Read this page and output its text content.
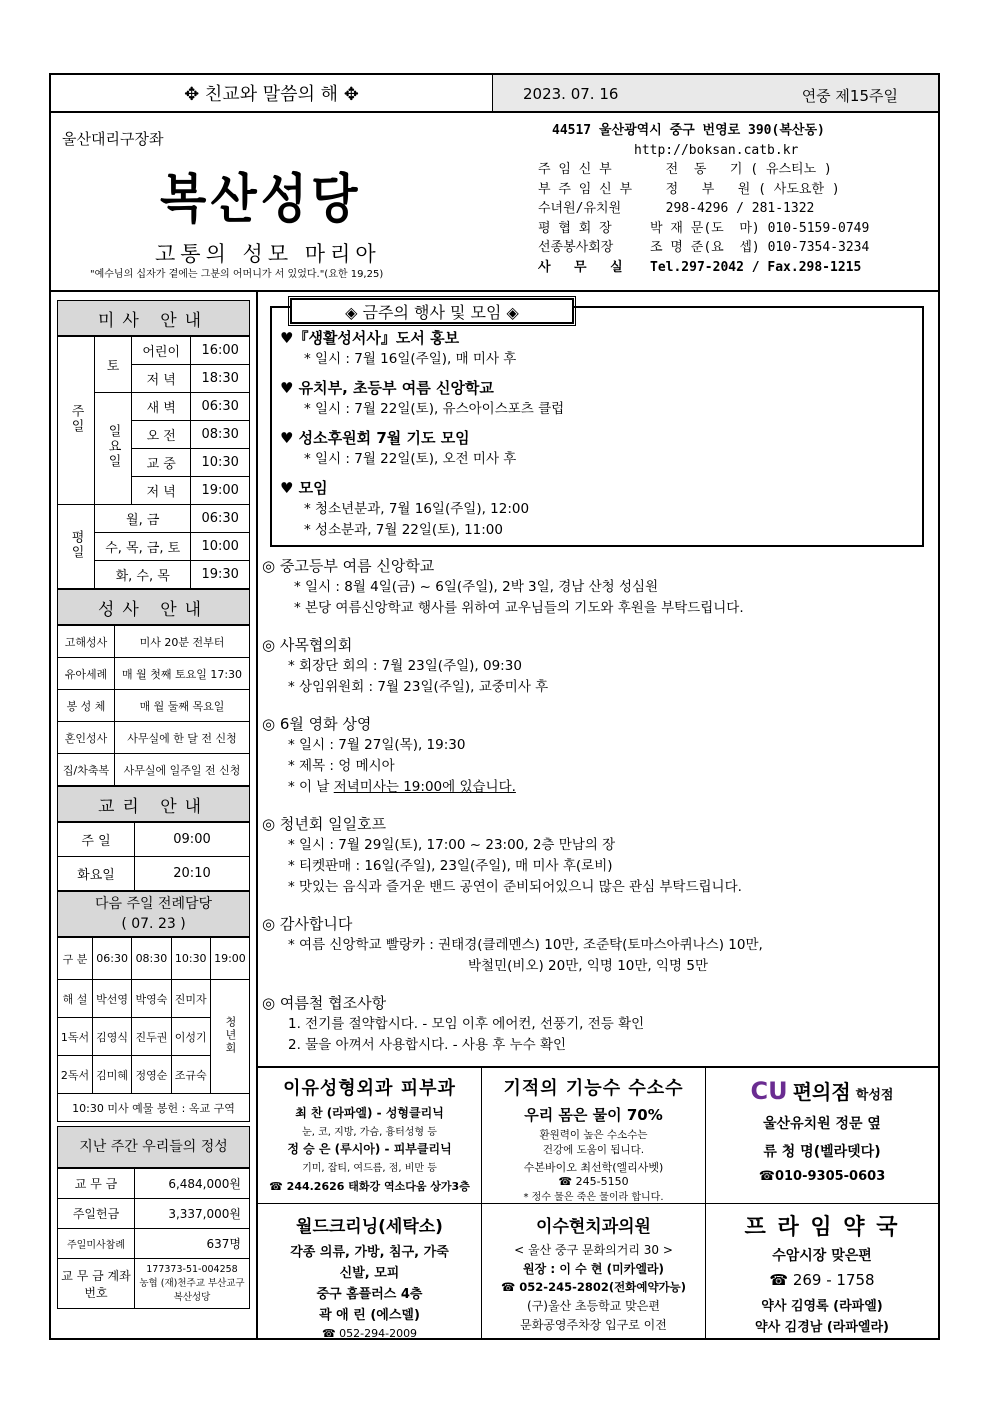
✥ 친교와 말씀의 해 ✥	2023. 07. 16	연중 제15주일
울산대리구장좌
복산성당
고통의 성모 마리아
"예수님의 십자가 곁에는 그분의 어머니가 서 있었다."(요한 19,25)
44517 울산광역시 중구 번영로 390(복산동)
http://boksan.catb.kr
주 임 신 부	전  동   기 ( 유스티노 )
부 주 임 신 부	정   부   원 ( 사도요한 )
수녀원/유치원	298-4296 / 281-1322
평 협 회 장	박 재 문(도  마) 010-5159-0749
선종봉사회장	조 명 준(요  셉) 010-7354-3234
사   무   실	Tel.297-2042 / Fax.298-1215
미사 안내
주일	토	어린이	16:00
		저 녁	18:30
	일요일	새 벽	06:30
		오 전	08:30
		교 중	10:30
		저 녁	19:00
평일	월, 금		06:30
	수, 목, 금, 토		10:00
	화, 수, 목		19:30
성사 안내
고해성사	미사 20분 전부터
유아세례	매 월 첫째 토요일 17:30
봉 성 체	매 월 둘째 목요일
혼인성사	사무실에 한 달 전 신청
집/차축복	사무실에 일주일 전 신청
교리 안내
주 일	09:00
화요일	20:10
다음 주일 전례담당
( 07. 23 )
구 분	06:30	08:30	10:30	19:00
해 설	박선영	박영숙	진미자	청년회
1독서	김영식	진두권	이성기	
2독서	김미혜	정영순	조규숙	
10:30 미사 예물 봉헌 : 옥교 구역				
지난 주간 우리들의 정성
교 무 금	6,484,000원
주일헌금	3,337,000원
주일미사참례	637명
교 무 금 계좌번호	177373-51-004258
농협 (재)천주교 부산교구
복산성당
♥『생활성서사』도서 홍보
* 일시 : 7월 16일(주일), 매 미사 후
♥ 유치부, 초등부 여름 신앙학교
* 일시 : 7월 22일(토), 유스아이스포츠 클럽
♥ 성소후원회 7월 기도 모임
* 일시 : 7월 22일(토), 오전 미사 후
♥ 모임
* 청소년분과, 7월 16일(주일), 12:00
* 성소분과, 7월 22일(토), 11:00
◈ 금주의 행사 및 모임 ◈
◎ 중고등부 여름 신앙학교
* 일시 : 8월 4일(금) ~ 6일(주일), 2박 3일, 경남 산청 성심원
* 본당 여름신앙학교 행사를 위하여 교우님들의 기도와 후원을 부탁드립니다.
◎ 사목협의회
* 회장단 회의 : 7월 23일(주일), 09:30
* 상임위원회 : 7월 23일(주일), 교중미사 후
◎ 6월 영화 상영
* 일시 : 7월 27일(목), 19:30
* 제목 : 엉 메시아
* 이 날 저녁미사는 19:00에 있습니다.
◎ 청년회 일일호프
* 일시 : 7월 29일(토), 17:00 ~ 23:00, 2층 만남의 장
* 티켓판매 : 16일(주일), 23일(주일), 매 미사 후(로비)
* 맛있는 음식과 즐거운 밴드 공연이 준비되어있으니 많은 관심 부탁드립니다.
◎ 감사합니다
* 여름 신앙학교 빨랑카 : 권태경(클레멘스) 10만, 조준탁(토마스아퀴나스) 10만,
박철민(비오) 20만, 익명 10만, 익명 5만
◎ 여름철 협조사항
1. 전기를 절약합시다. - 모임 이후 에어컨, 선풍기, 전등 확인
2. 물을 아껴서 사용합시다. - 사용 후 누수 확인
이유성형외과 피부과
최 찬 (라파엘) - 성형클리닉
눈, 코, 지방, 가슴, 흉터성형 등
정 승 은 (루시아) - 피부클리닉
기미, 잡티, 여드름, 점, 비만 등
☎ 244.2626 태화강 역소다움 상가3층
기적의 기능수 수소수
우리 몸은 물이 70%
환원력이 높은 수소수는
건강에 도움이 됩니다.
수본바이오 최선학(엘리사벳)
☎ 245-5150
* 정수 물은 죽은 물이라 합니다.
CU 편의점 학성점
울산유치원 정문 옆
류 청 명(벨라뎃다)
☎010-9305-0603
월드크리닝(세탁소)
각종 의류, 가방, 침구, 가죽
신발, 모피
중구 홈플러스 4층
곽 애 린 (에스델)
☎ 052-294-2009
이수현치과의원
< 울산 중구 문화의거리 30 >
원장 : 이 수 현 (미카엘라)
☎ 052-245-2802(전화예약가능)
(구)울산 초등학교 맞은편
문화공영주차장 입구로 이전
프 라 임 약 국
수암시장 맞은편
☎ 269 - 1758
약사 김영록 (라파엘)
약사 김경남 (라파엘라)
